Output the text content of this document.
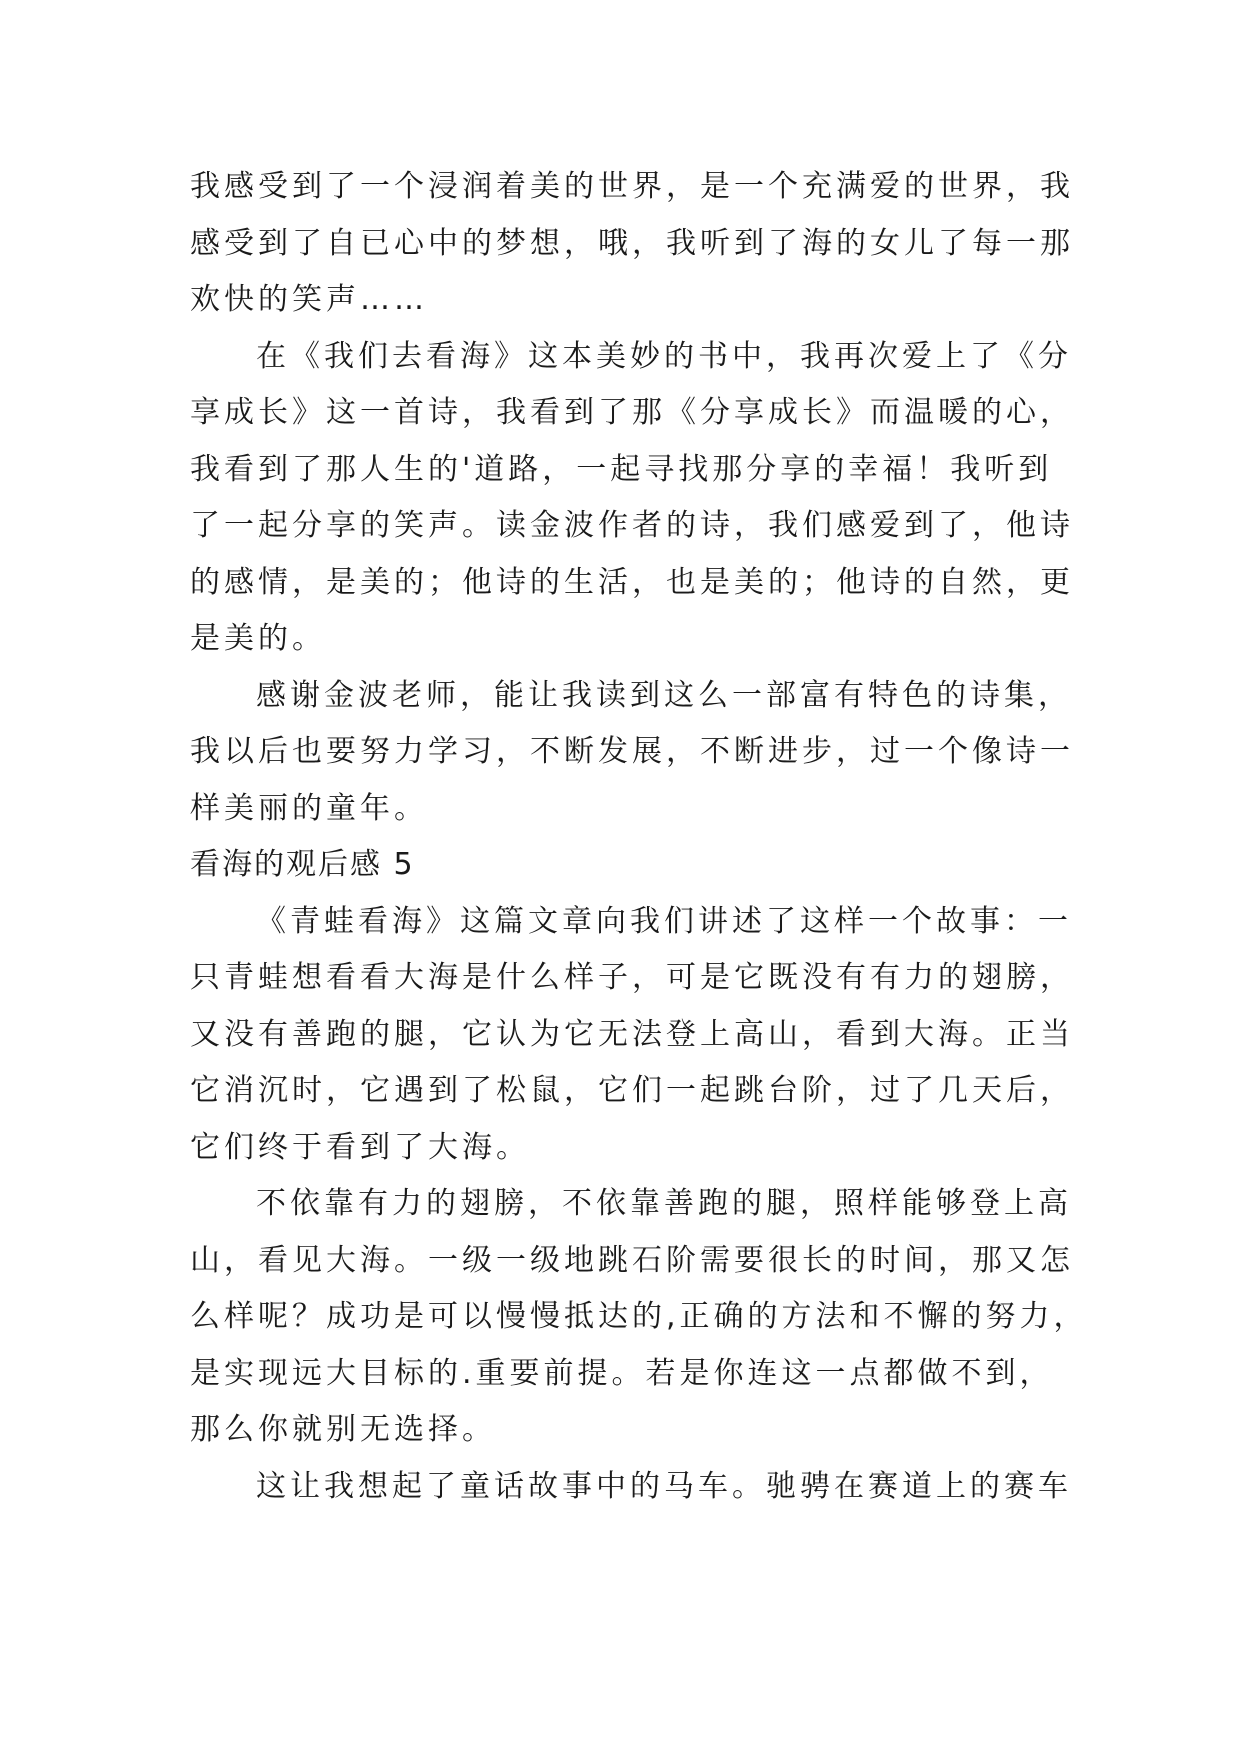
我感受到了一个浸润着美的世界，是一个充满爱的世界，我
感受到了自已心中的梦想，哦，我听到了海的女儿了每一那
欢快的笑声……
在《我们去看海》这本美妙的书中，我再次爱上了《分
享成长》这一首诗，我看到了那《分享成长》而温暖的心，
我看到了那人生的'道路，一起寻找那分享的幸福！我听到
了一起分享的笑声。读金波作者的诗，我们感爱到了，他诗
的感情，是美的；他诗的生活，也是美的；他诗的自然，更
是美的。
感谢金波老师，能让我读到这么一部富有特色的诗集，
我以后也要努力学习，不断发展，不断进步，过一个像诗一
样美丽的童年。
看海的观后感 5
《青蛙看海》这篇文章向我们讲述了这样一个故事：一
只青蛙想看看大海是什么样子，可是它既没有有力的翅膀，
又没有善跑的腿，它认为它无法登上高山，看到大海。正当
它消沉时，它遇到了松鼠，它们一起跳台阶，过了几天后，
它们终于看到了大海。
不依靠有力的翅膀，不依靠善跑的腿，照样能够登上高
山，看见大海。一级一级地跳石阶需要很长的时间，那又怎
么样呢？成功是可以慢慢抵达的,正确的方法和不懈的努力，
是实现远大目标的.重要前提。若是你连这一点都做不到，
那么你就别无选择。
这让我想起了童话故事中的马车。驰骋在赛道上的赛车
